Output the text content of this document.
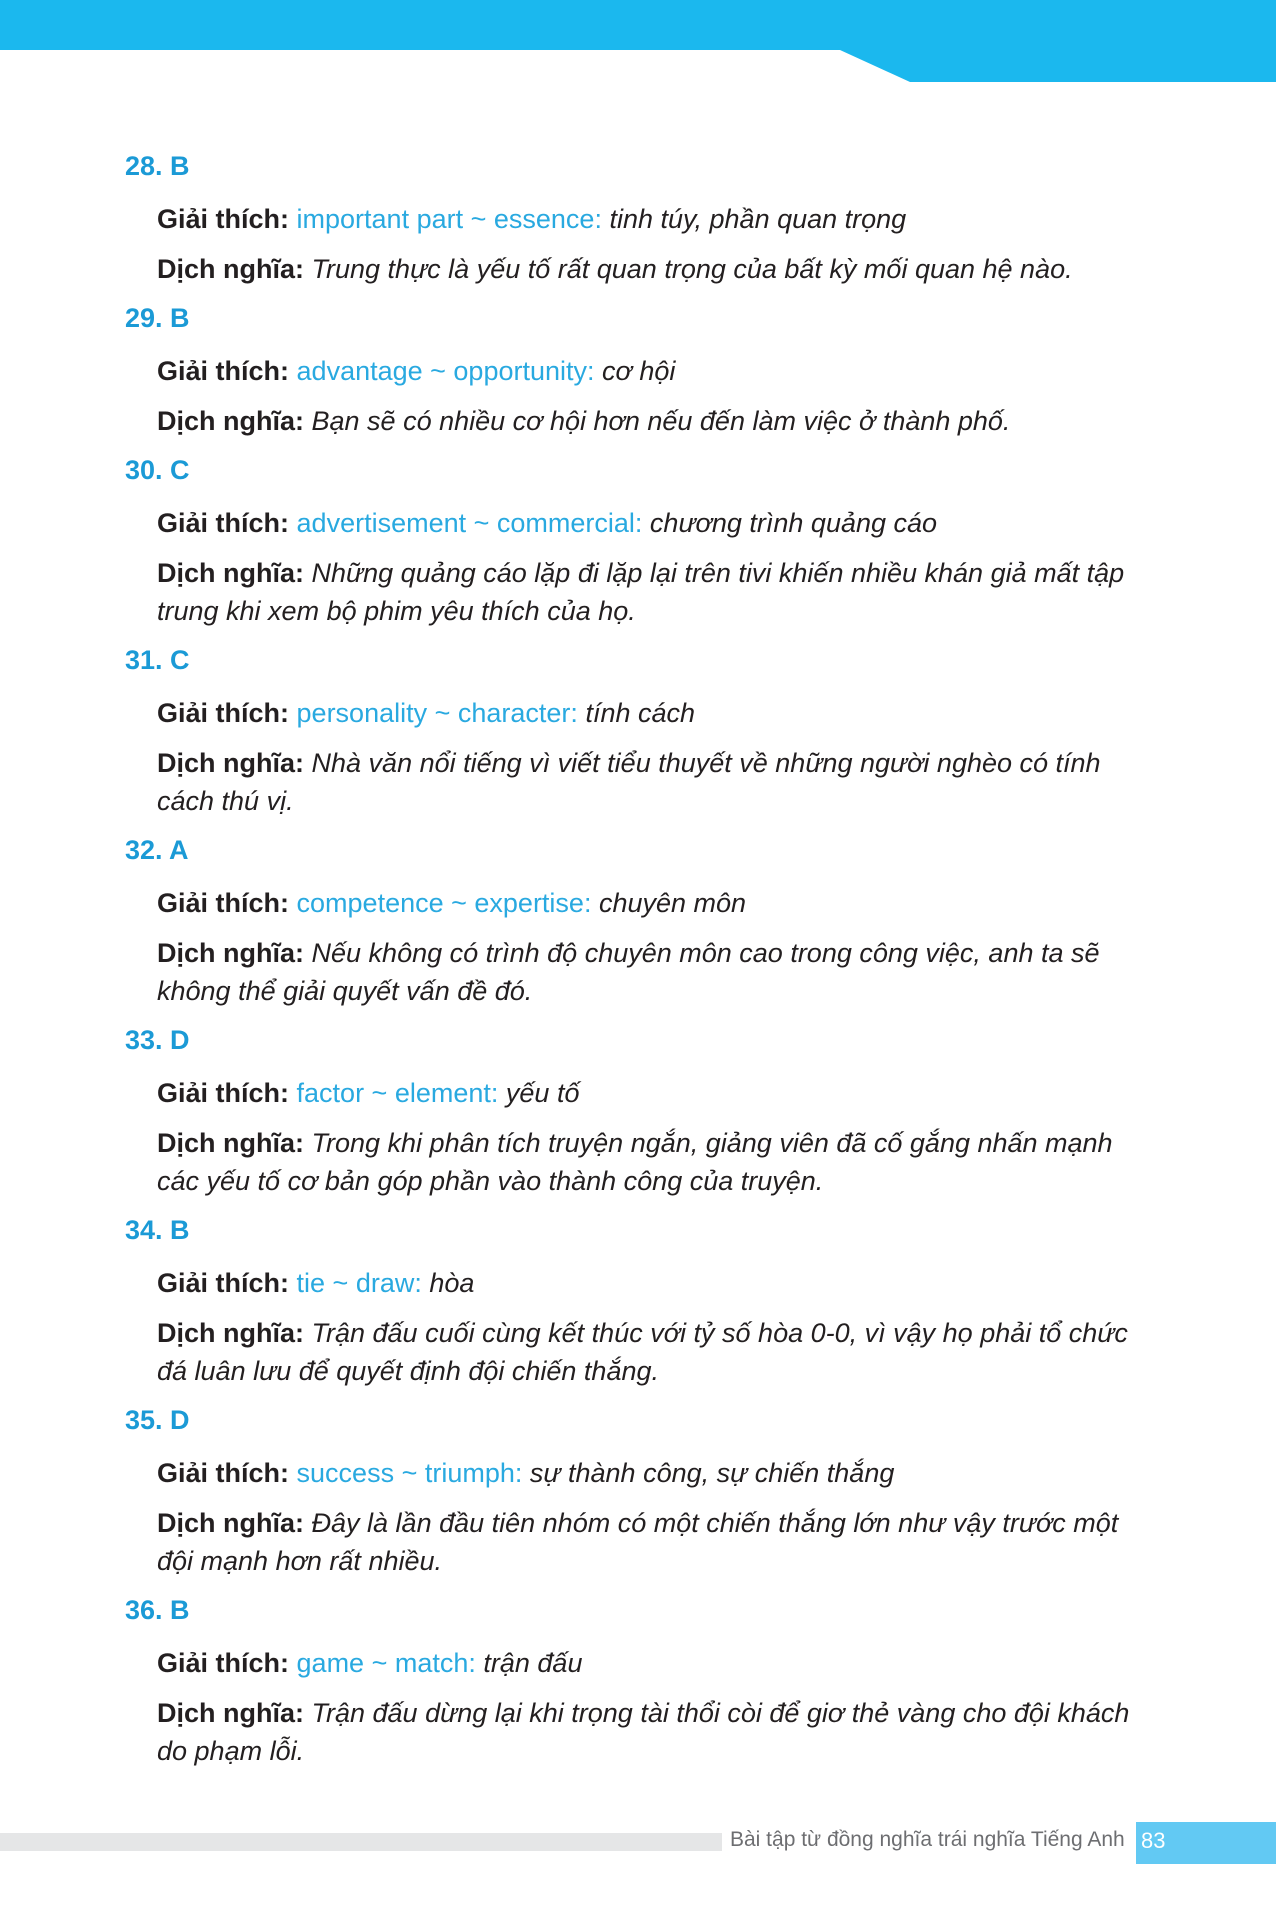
28. B
Giải thích: important part ~ essence: tinh túy, phần quan trọng
Dịch nghĩa: Trung thực là yếu tố rất quan trọng của bất kỳ mối quan hệ nào.
29. B
Giải thích: advantage ~ opportunity: cơ hội
Dịch nghĩa: Bạn sẽ có nhiều cơ hội hơn nếu đến làm việc ở thành phố.
30. C
Giải thích: advertisement ~ commercial: chương trình quảng cáo
Dịch nghĩa: Những quảng cáo lặp đi lặp lại trên tivi khiến nhiều khán giả mất tập trung khi xem bộ phim yêu thích của họ.
31. C
Giải thích: personality ~ character: tính cách
Dịch nghĩa: Nhà văn nổi tiếng vì viết tiểu thuyết về những người nghèo có tính cách thú vị.
32. A
Giải thích: competence ~ expertise: chuyên môn
Dịch nghĩa: Nếu không có trình độ chuyên môn cao trong công việc, anh ta sẽ không thể giải quyết vấn đề đó.
33. D
Giải thích: factor ~ element: yếu tố
Dịch nghĩa: Trong khi phân tích truyện ngắn, giảng viên đã cố gắng nhấn mạnh các yếu tố cơ bản góp phần vào thành công của truyện.
34. B
Giải thích: tie ~ draw: hòa
Dịch nghĩa: Trận đấu cuối cùng kết thúc với tỷ số hòa 0-0, vì vậy họ phải tổ chức đá luân lưu để quyết định đội chiến thắng.
35. D
Giải thích: success ~ triumph: sự thành công, sự chiến thắng
Dịch nghĩa: Đây là lần đầu tiên nhóm có một chiến thắng lớn như vậy trước một đội mạnh hơn rất nhiều.
36. B
Giải thích: game ~ match: trận đấu
Dịch nghĩa: Trận đấu dừng lại khi trọng tài thổi còi để giơ thẻ vàng cho đội khách do phạm lỗi.
Bài tập từ đồng nghĩa trái nghĩa Tiếng Anh 83
